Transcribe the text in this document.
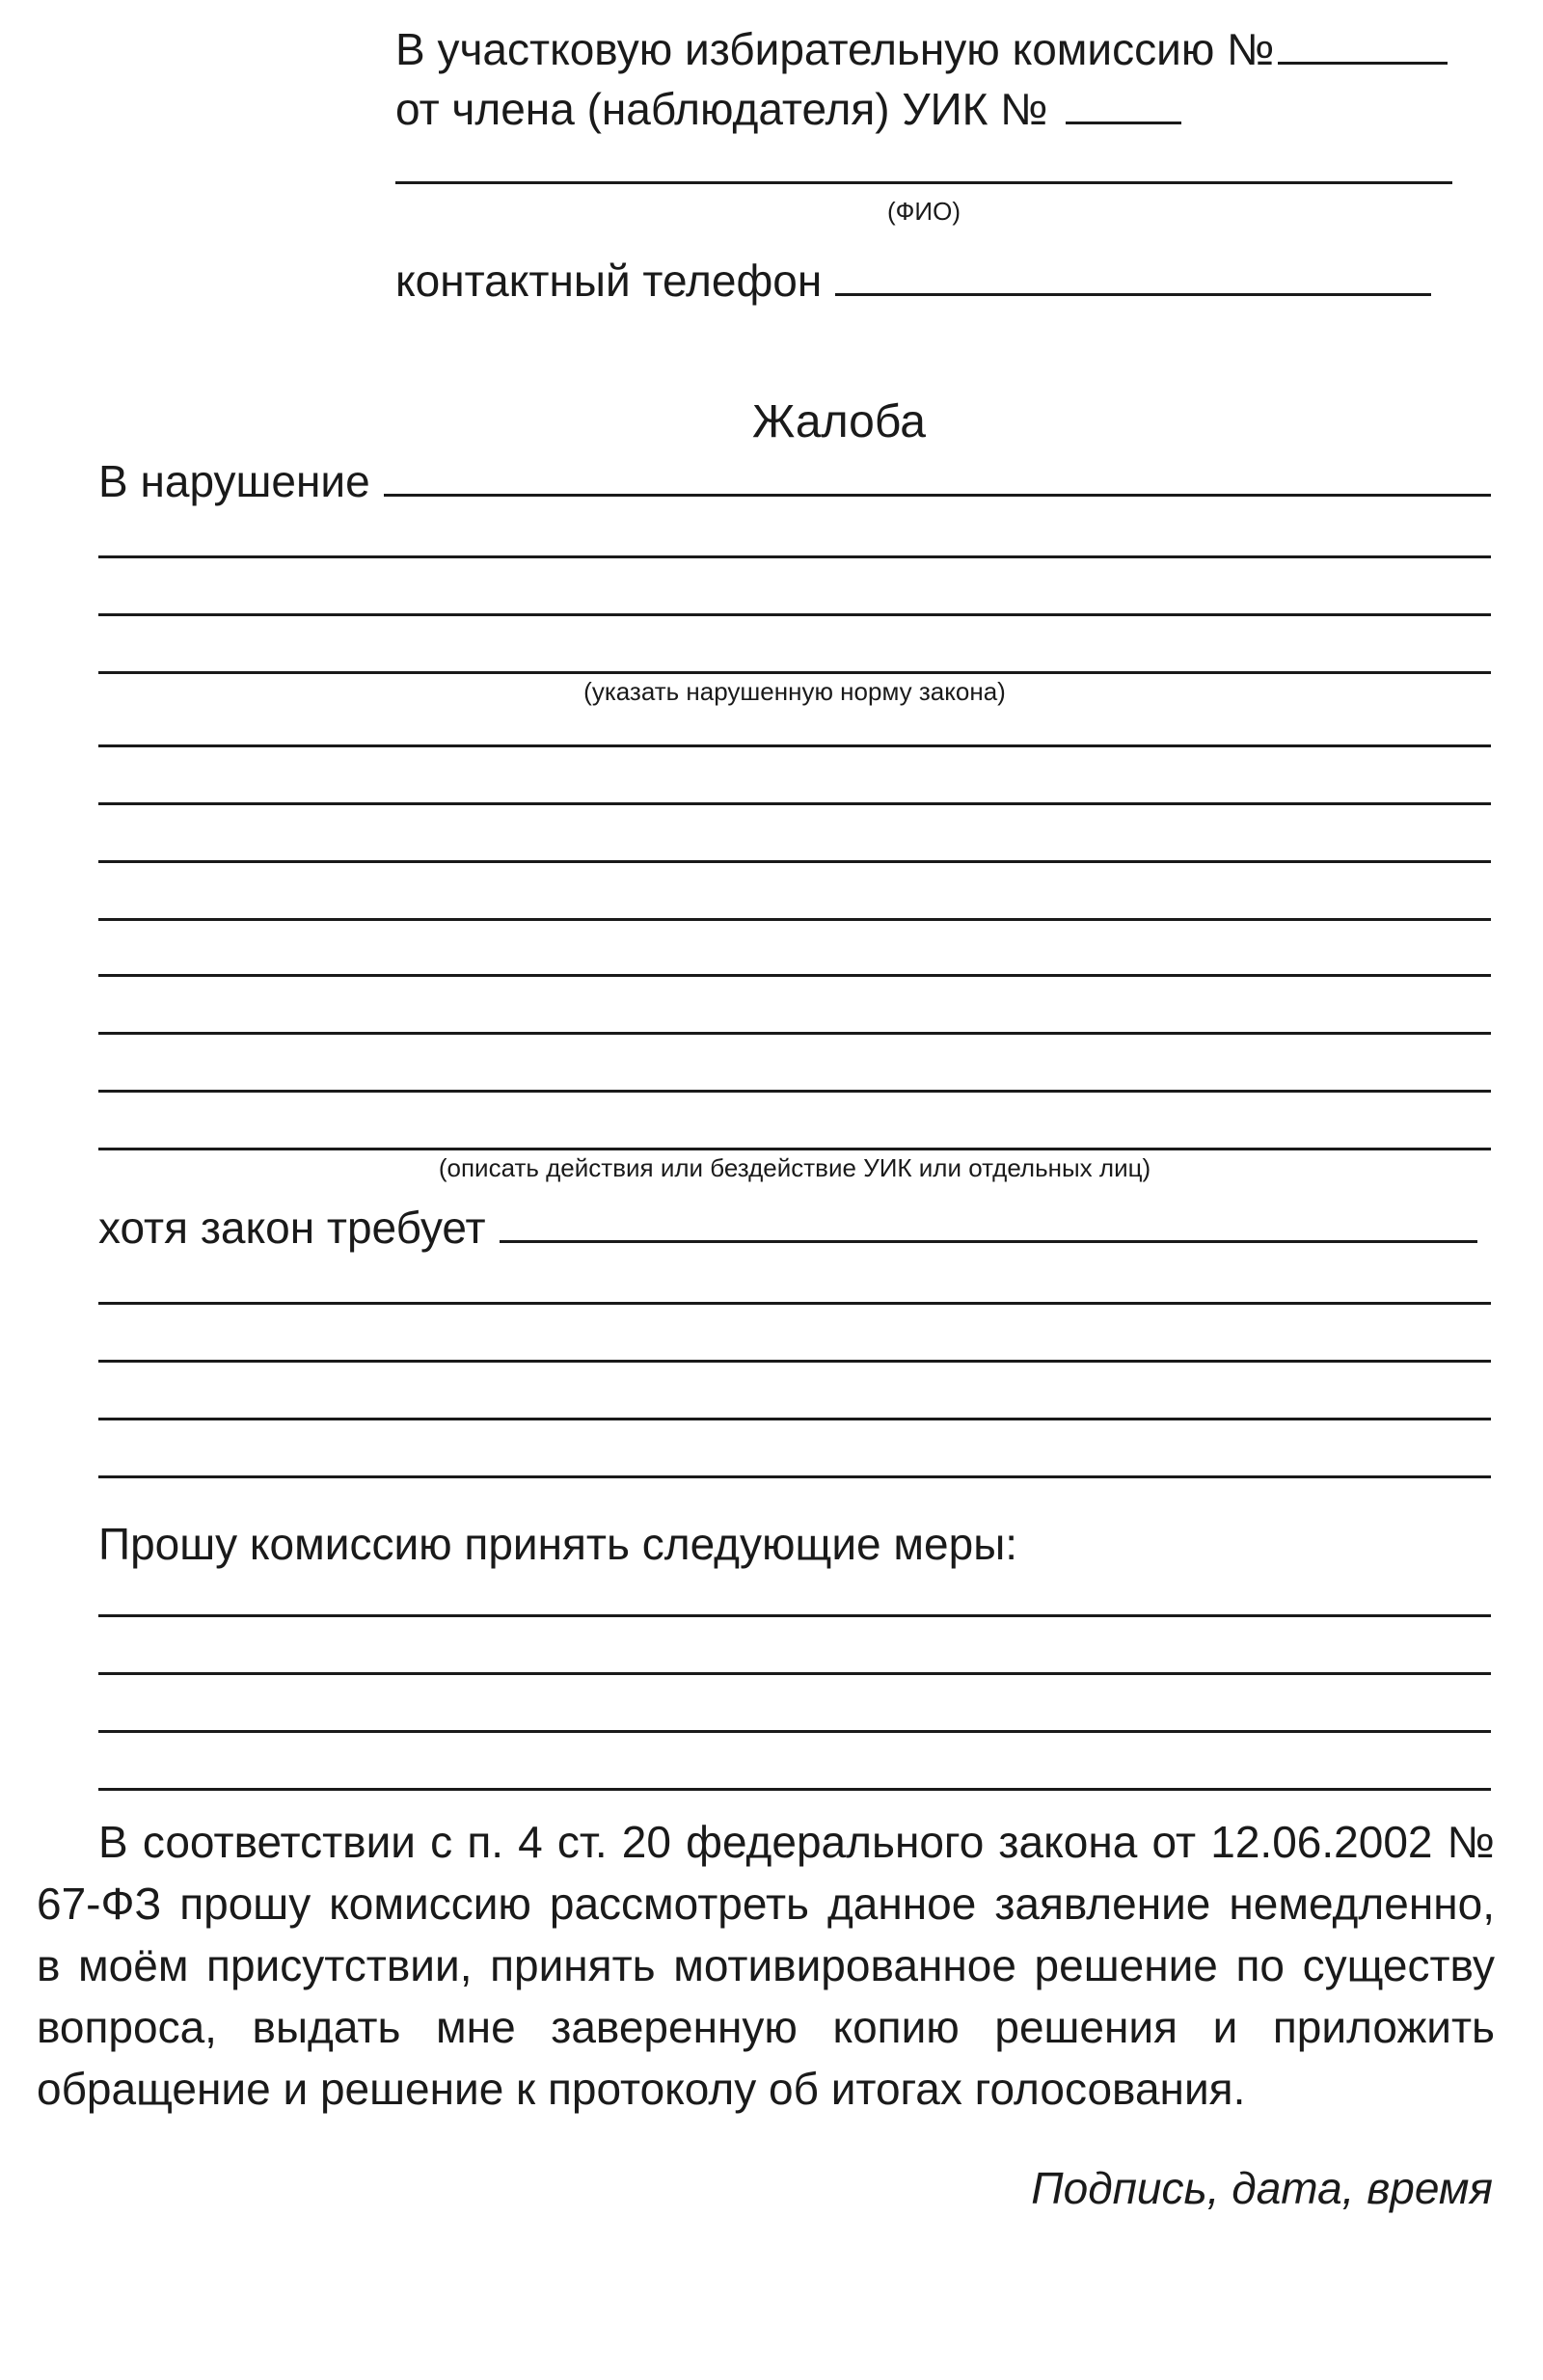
В участковую избирательную комиссию №
от члена (наблюдателя) УИК №
(ФИО)
контактный телефон
Жалоба
В нарушение
(указать нарушенную норму закона)
(описать действия или бездействие УИК или отдельных лиц)
хотя закон требует
Прошу комиссию принять следующие меры:
В соответствии с п. 4 ст. 20 федерального закона от 12.06.2002 № 67-ФЗ прошу комиссию рассмотреть данное заявление немедленно, в моём присутствии, принять мотивированное решение по существу вопроса, выдать мне заверенную копию решения и приложить обращение и решение к протоколу об итогах голосования.
Подпись, дата, время
